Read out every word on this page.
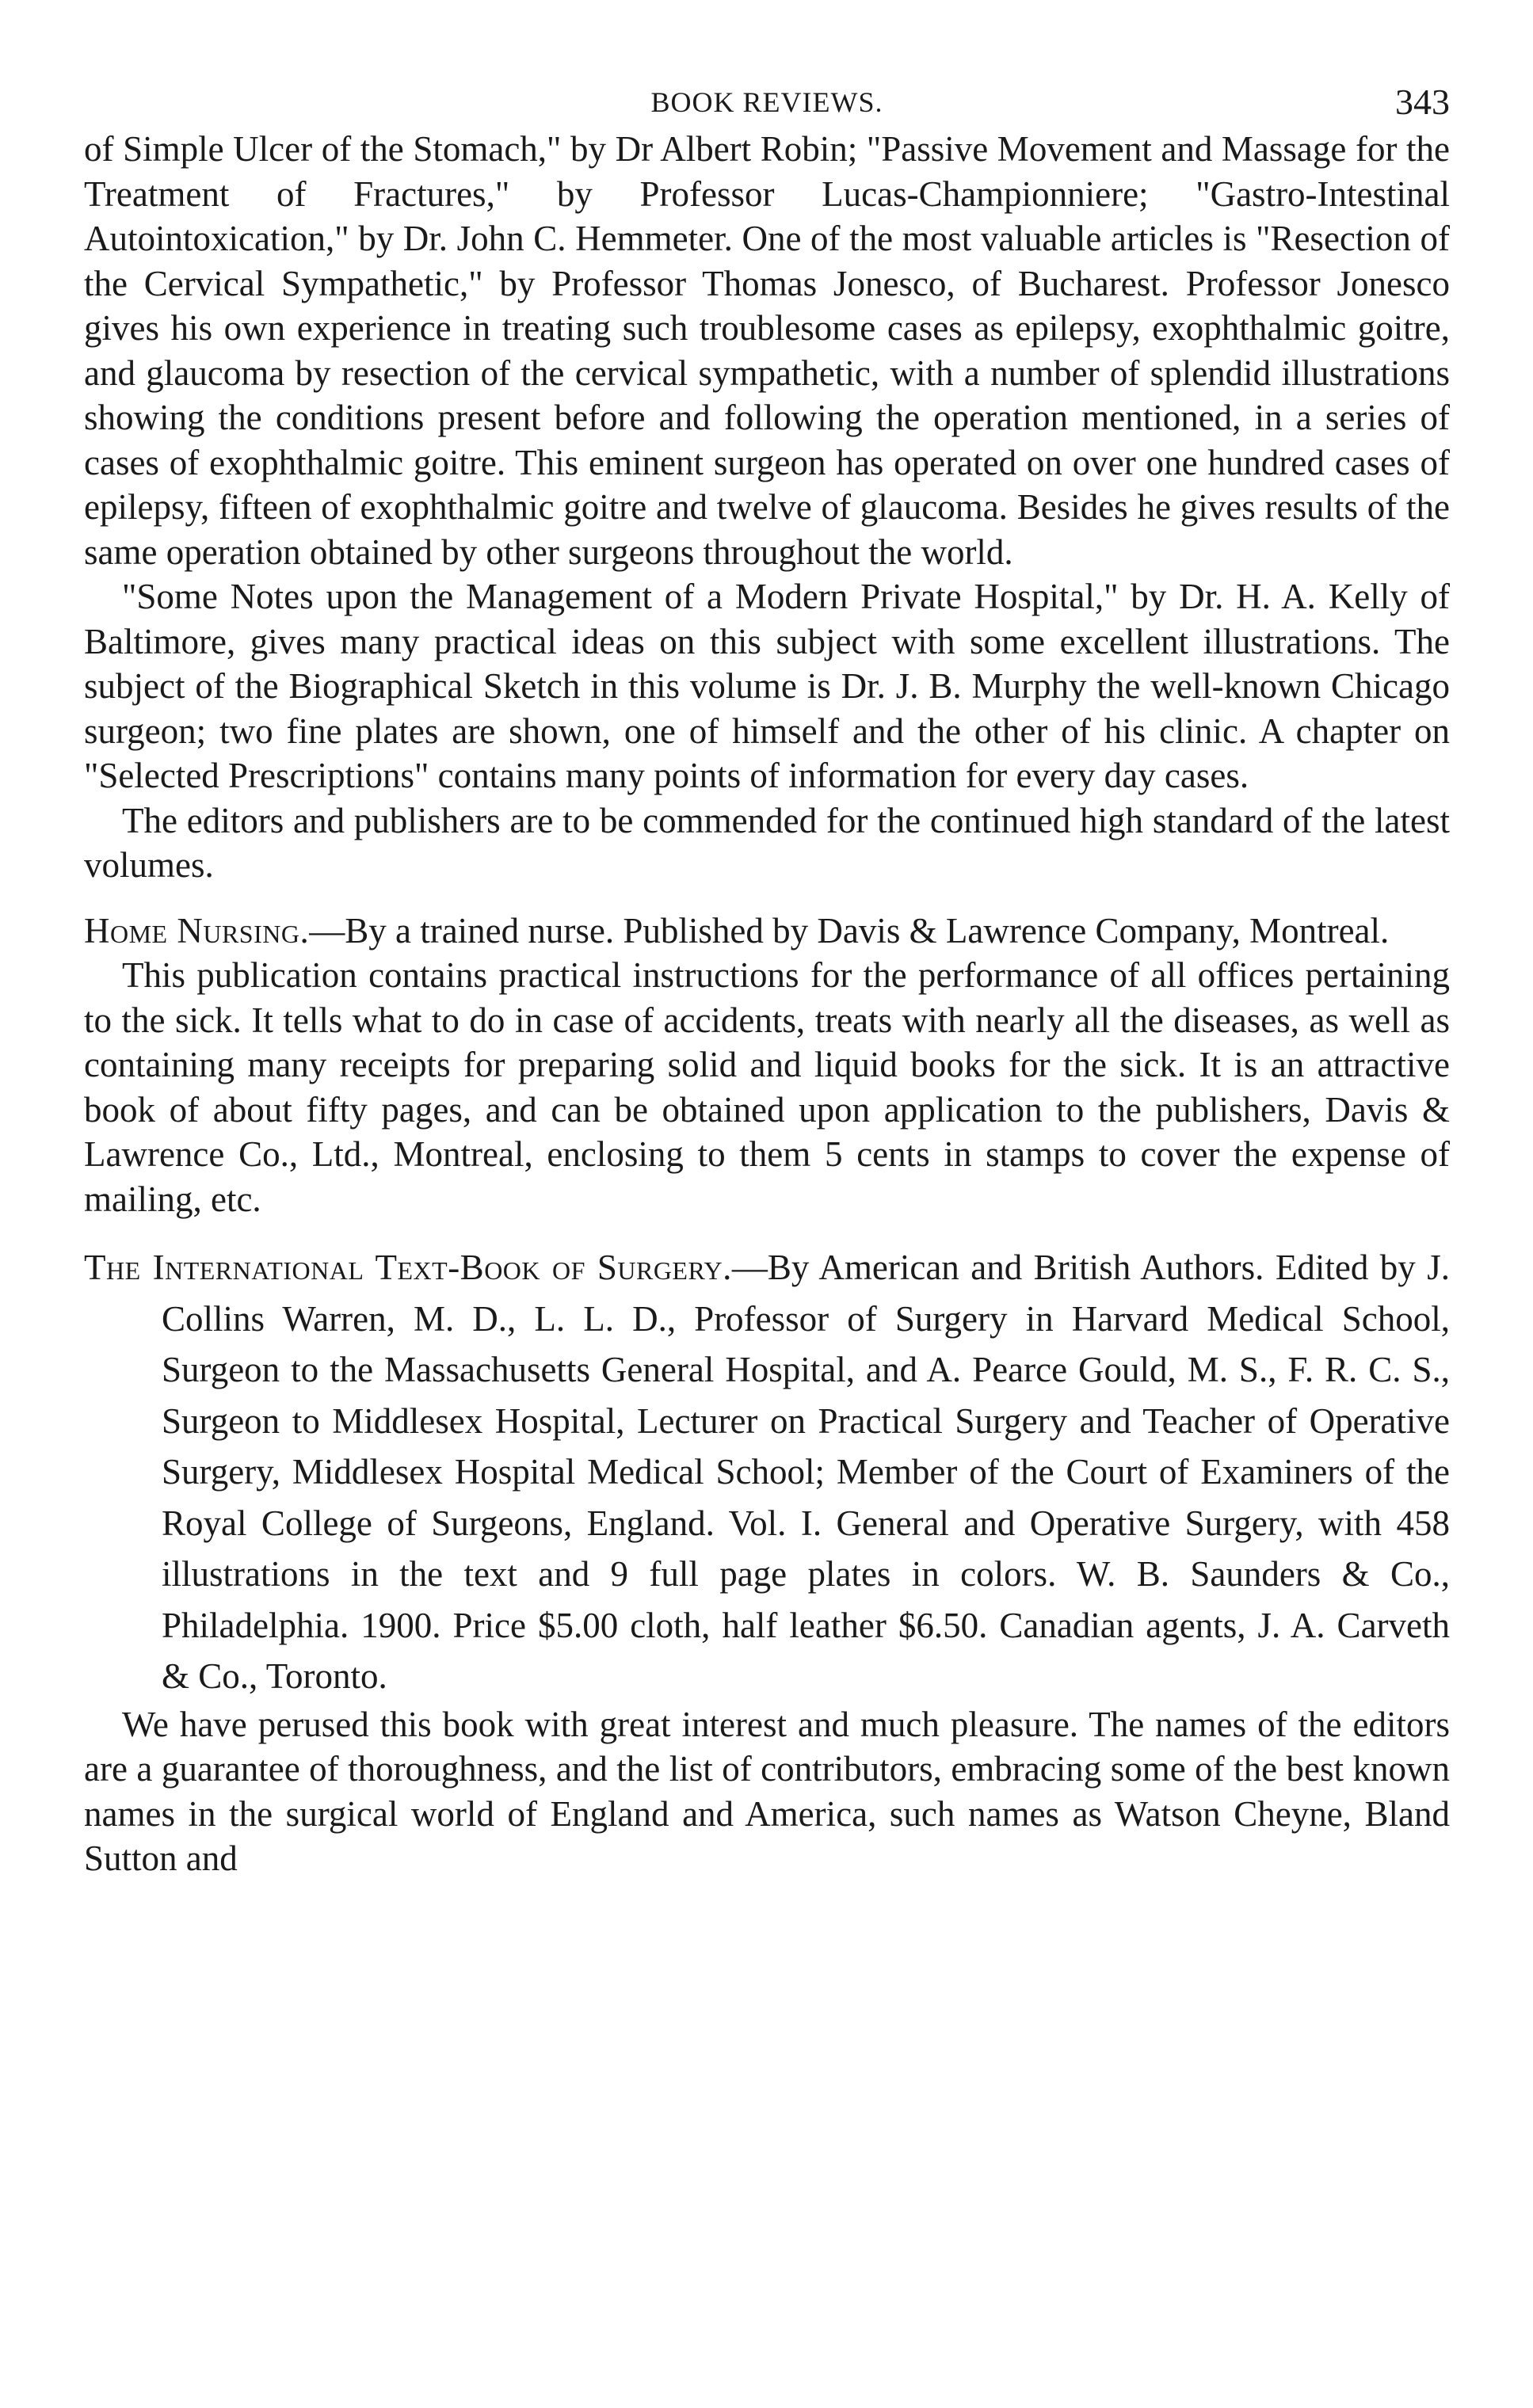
BOOK REVIEWS.	343

of Simple Ulcer of the Stomach," by Dr Albert Robin; "Passive Movement and Massage for the Treatment of Fractures," by Professor Lucas-Championniere; "Gastro-Intestinal Autointoxication," by Dr. John C. Hemmeter. One of the most valuable articles is "Resection of the Cervical Sympathetic," by Professor Thomas Jonesco, of Bucharest. Professor Jonesco gives his own experience in treating such troublesome cases as epilepsy, exophthalmic goitre, and glaucoma by resection of the cervical sympathetic, with a number of splendid illustrations showing the conditions present before and following the operation mentioned, in a series of cases of exophthalmic goitre. This eminent surgeon has operated on over one hundred cases of epilepsy, fifteen of exophthalmic goitre and twelve of glaucoma. Besides he gives results of the same operation obtained by other surgeons throughout the world.

"Some Notes upon the Management of a Modern Private Hospital," by Dr. H. A. Kelly of Baltimore, gives many practical ideas on this subject with some excellent illustrations. The subject of the Biographical Sketch in this volume is Dr. J. B. Murphy the well-known Chicago surgeon; two fine plates are shown, one of himself and the other of his clinic. A chapter on "Selected Prescriptions" contains many points of information for every day cases.

The editors and publishers are to be commended for the continued high standard of the latest volumes.

Home Nursing.—By a trained nurse. Published by Davis & Lawrence Company, Montreal.

This publication contains practical instructions for the performance of all offices pertaining to the sick. It tells what to do in case of accidents, treats with nearly all the diseases, as well as containing many receipts for preparing solid and liquid books for the sick. It is an attractive book of about fifty pages, and can be obtained upon application to the publishers, Davis & Lawrence Co., Ltd., Montreal, enclosing to them 5 cents in stamps to cover the expense of mailing, etc.

The International Text-Book of Surgery.—By American and British Authors. Edited by J. Collins Warren, M. D., L. L. D., Professor of Surgery in Harvard Medical School, Surgeon to the Massachusetts General Hospital, and A. Pearce Gould, M. S., F. R. C. S., Surgeon to Middlesex Hospital, Lecturer on Practical Surgery and Teacher of Operative Surgery, Middlesex Hospital Medical School; Member of the Court of Examiners of the Royal College of Surgeons, England. Vol. I. General and Operative Surgery, with 458 illustrations in the text and 9 full page plates in colors. W. B. Saunders & Co., Philadelphia. 1900. Price $5.00 cloth, half leather $6.50. Canadian agents, J. A. Carveth & Co., Toronto.

We have perused this book with great interest and much pleasure. The names of the editors are a guarantee of thoroughness, and the list of contributors, embracing some of the best known names in the surgical world of England and America, such names as Watson Cheyne, Bland Sutton and
